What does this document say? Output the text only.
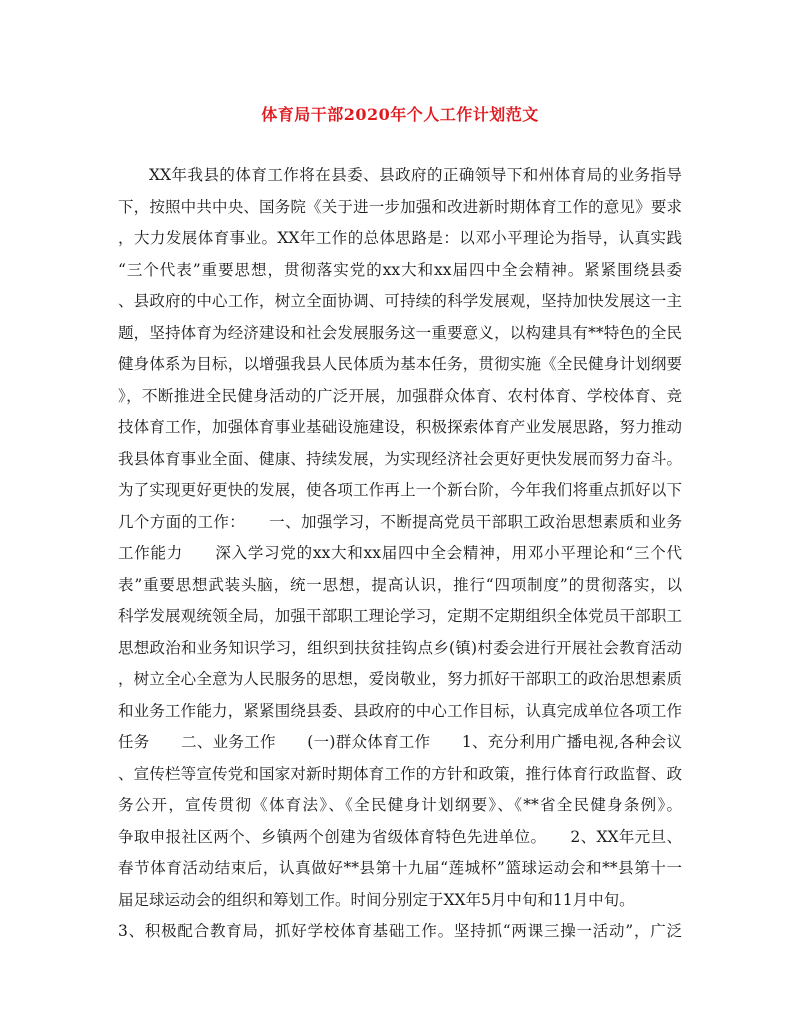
体育局干部2020年个人工作计划范文
XX年我县的体育工作将在县委、县政府的正确领导下和州体育局的业务指导
下，按照中共中央、国务院《关于进一步加强和改进新时期体育工作的意见》要求
，大力发展体育事业。XX年工作的总体思路是：以邓小平理论为指导，认真实践
“三个代表”重要思想，贯彻落实党的xx大和xx届四中全会精神。紧紧围绕县委
、县政府的中心工作，树立全面协调、可持续的科学发展观，坚持加快发展这一主
题，坚持体育为经济建设和社会发展服务这一重要意义，以构建具有**特色的全民
健身体系为目标，以增强我县人民体质为基本任务，贯彻实施《全民健身计划纲要
》，不断推进全民健身活动的广泛开展，加强群众体育、农村体育、学校体育、竞
技体育工作，加强体育事业基础设施建设，积极探索体育产业发展思路，努力推动
我县体育事业全面、健康、持续发展，为实现经济社会更好更快发展而努力奋斗。
为了实现更好更快的发展，使各项工作再上一个新台阶，今年我们将重点抓好以下
几个方面的工作：　　一、加强学习，不断提高党员干部职工政治思想素质和业务
工作能力　　深入学习党的xx大和xx届四中全会精神，用邓小平理论和“三个代
表”重要思想武装头脑，统一思想，提高认识，推行“四项制度”的贯彻落实，以
科学发展观统领全局，加强干部职工理论学习，定期不定期组织全体党员干部职工
思想政治和业务知识学习，组织到扶贫挂钩点乡(镇)村委会进行开展社会教育活动
，树立全心全意为人民服务的思想，爱岗敬业，努力抓好干部职工的政治思想素质
和业务工作能力，紧紧围绕县委、县政府的中心工作目标，认真完成单位各项工作
任务　　二、业务工作　　(一)群众体育工作　　1、充分利用广播电视,各种会议
、宣传栏等宣传党和国家对新时期体育工作的方针和政策，推行体育行政监督、政
务公开，宣传贯彻《体育法》、《全民健身计划纲要》、《**省全民健身条例》。
争取申报社区两个、乡镇两个创建为省级体育特色先进单位。　　2、XX年元旦、
春节体育活动结束后，认真做好**县第十九届“莲城杯”篮球运动会和**县第十一
届足球运动会的组织和筹划工作。时间分别定于XX年5月中旬和11月中旬。
3、积极配合教育局，抓好学校体育基础工作。坚持抓“两课三操一活动”，广泛
